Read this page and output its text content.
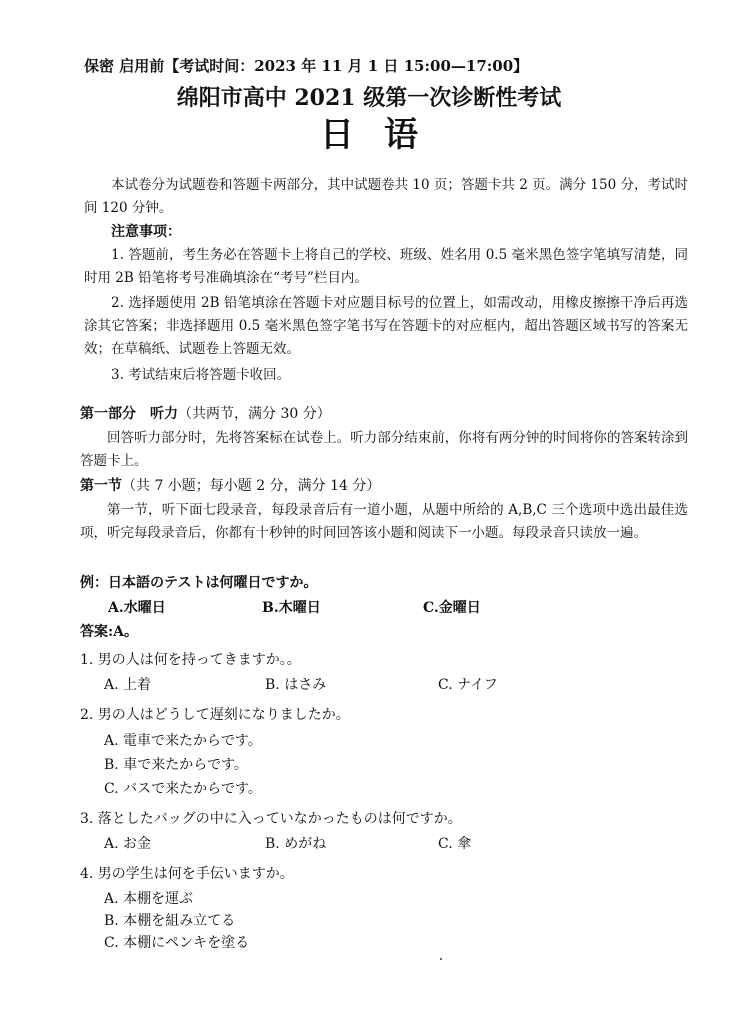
保密 启用前【考试时间：2023 年 11 月 1 日 15:00—17:00】
绵阳市高中 2021 级第一次诊断性考试
日语
本试卷分为试题卷和答题卡两部分，其中试题卷共 10 页；答题卡共 2 页。满分 150 分，考试时间 120 分钟。
注意事项：
1. 答题前，考生务必在答题卡上将自己的学校、班级、姓名用 0.5 毫米黑色签字笔填写清楚，同时用 2B 铅笔将考号准确填涂在“考号”栏目内。
2. 选择题使用 2B 铅笔填涂在答题卡对应题目标号的位置上，如需改动，用橡皮擦擦干净后再选涂其它答案；非选择题用 0.5 毫米黑色签字笔书写在答题卡的对应框内，超出答题区域书写的答案无效；在草稿纸、试题卷上答题无效。
3. 考试结束后将答题卡收回。
第一部分　听力（共两节，满分 30 分）
回答听力部分时，先将答案标在试卷上。听力部分结束前，你将有两分钟的时间将你的答案转涂到答题卡上。
第一节（共 7 小题；每小题 2 分，满分 14 分）
第一节，听下面七段录音，每段录音后有一道小题，从题中所给的 A,B,C 三个选项中选出最佳选项，听完每段录音后，你都有十秒钟的时间回答该小题和阅读下一小题。每段录音只读放一遍。
例：日本語のテストは何曜日ですか。
A.水曜日	B.木曜日	C.金曜日
答案:A。
1. 男の人は何を持ってきますか。。
A. 上着	B. はさみ	C. ナイフ
2. 男の人はどうして遅刻になりましたか。
A. 電車で来たからです。
B. 車で来たからです。
C. バスで来たからです。
3. 落としたバッグの中に入っていなかったものは何ですか。
A. お金	B. めがね	C. 傘
4. 男の学生は何を手伝いますか。
A. 本棚を運ぶ
B. 本棚を組み立てる
C. 本棚にペンキを塗る
